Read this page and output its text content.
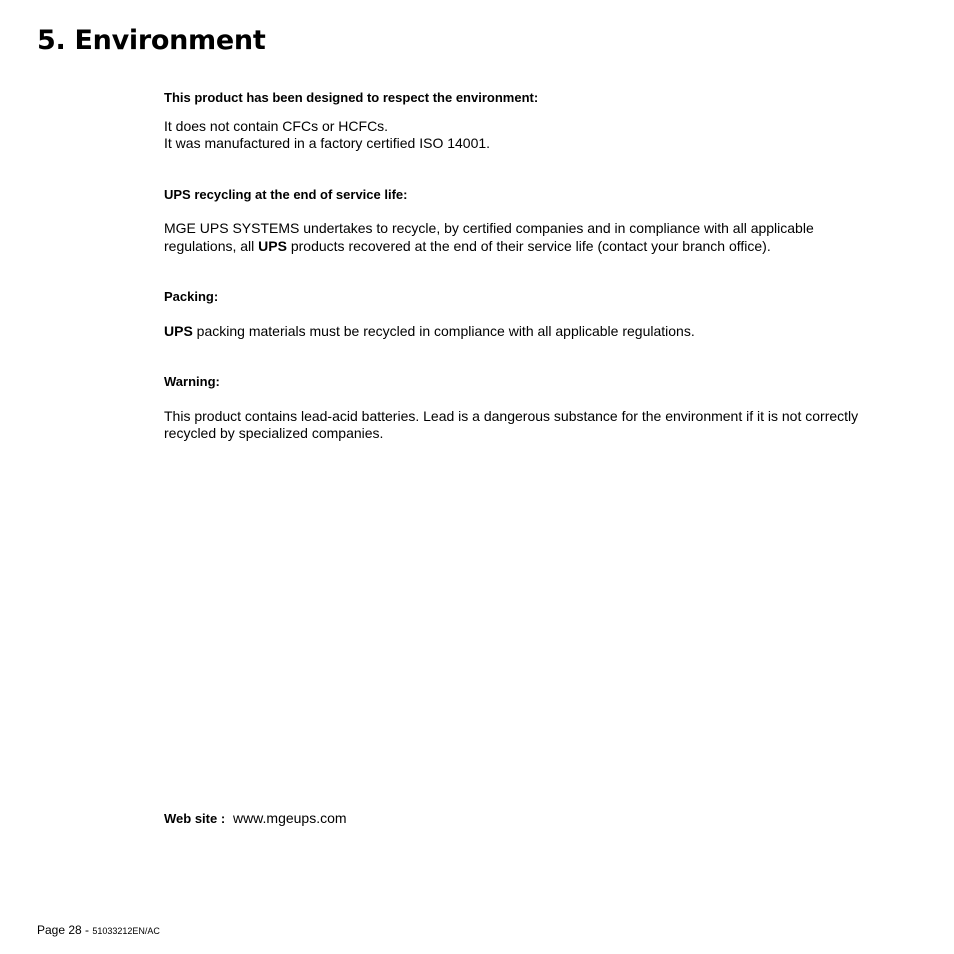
5. Environment

This product has been designed to respect the environment:

It does not contain CFCs or HCFCs.

It was manufactured in a factory certified ISO 14001.

UPS recycling at the end of service life:

MGE UPS SYSTEMS undertakes to recycle, by certified companies and in compliance with all applicable regulations, all UPS products recovered at the end of their service life (contact your branch office).

Packing:

UPS packing materials must be recycled in compliance with all applicable regulations.

Warning:

This product contains lead-acid batteries. Lead is a dangerous substance for the environment if it is not correctly recycled by specialized companies.

Web site : www.mgeups.com
Page 28 - 51033212EN/AC
